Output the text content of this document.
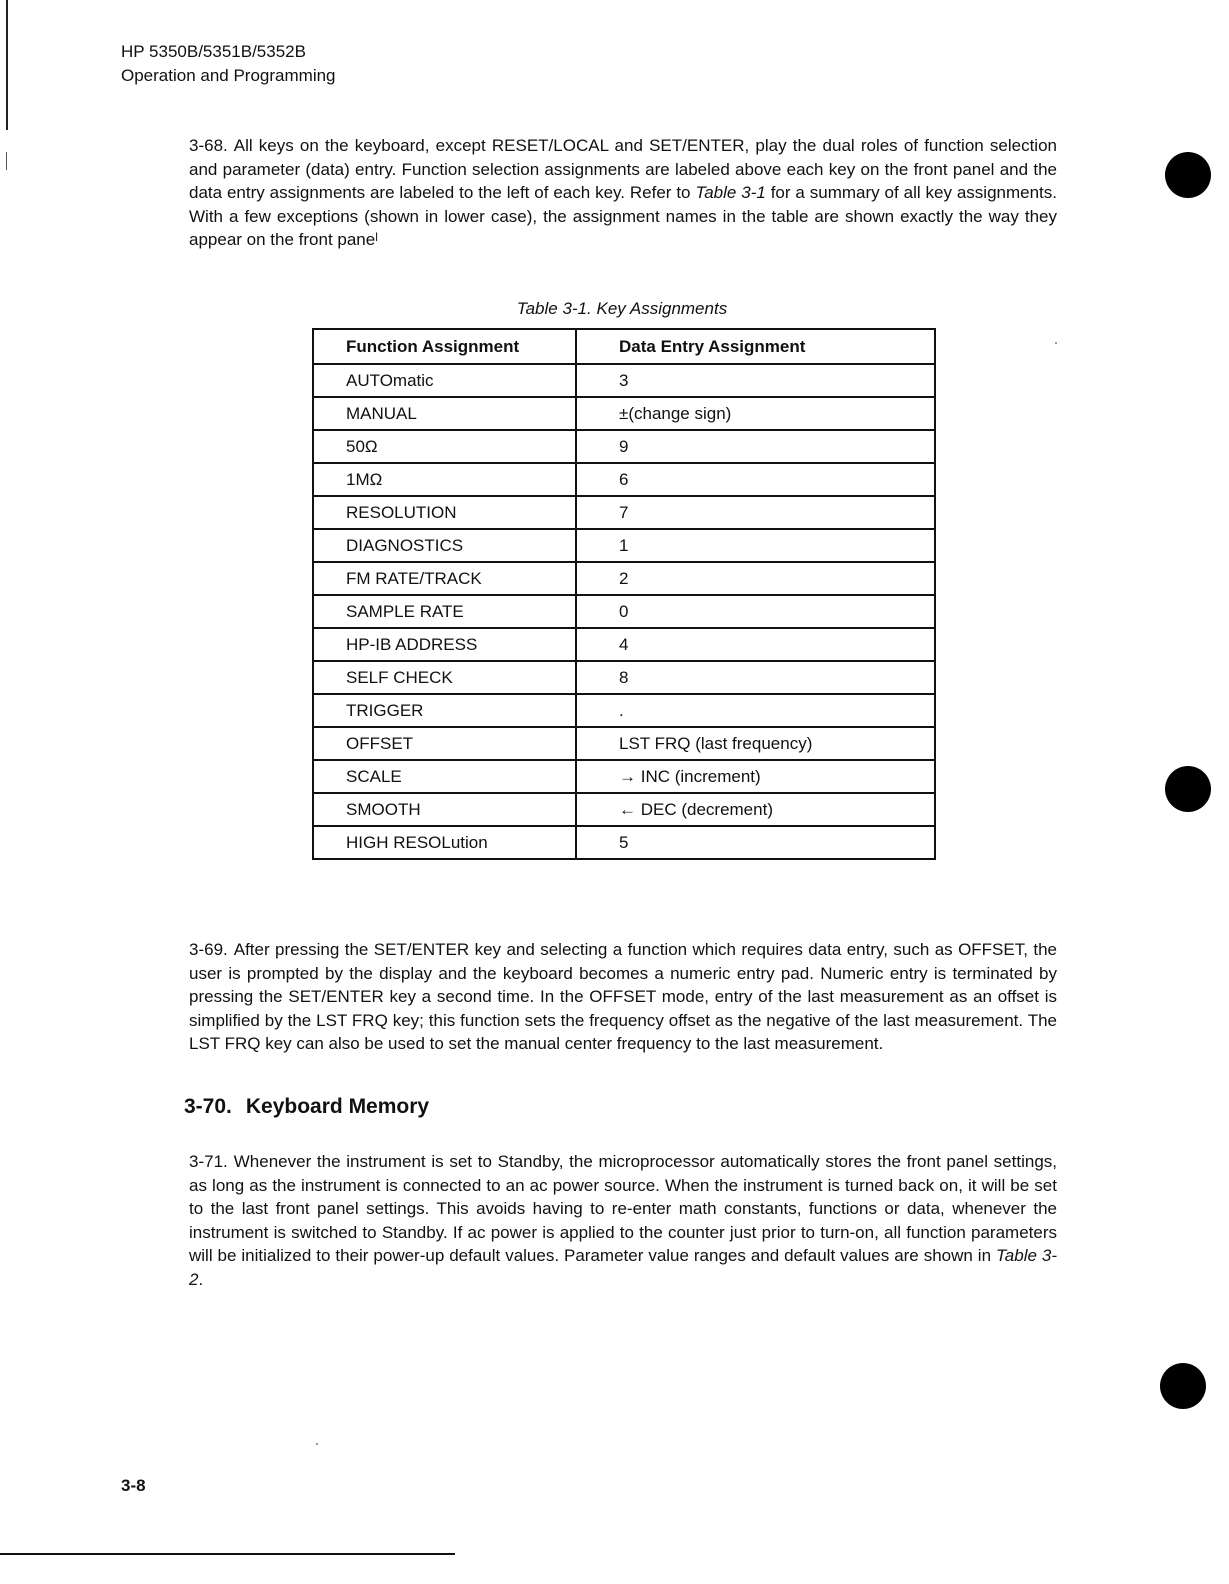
HP 5350B/5351B/5352B
Operation and Programming

3-68. All keys on the keyboard, except RESET/LOCAL and SET/ENTER, play the dual roles of function selection and parameter (data) entry. Function selection assignments are labeled above each key on the front panel and the data entry assignments are labeled to the left of each key. Refer to Table 3-1 for a summary of all key assignments. With a few exceptions (shown in lower case), the assignment names in the table are shown exactly the way they appear on the front paneˡ

Table 3-1. Key Assignments
Function Assignment	Data Entry Assignment
AUTOmatic	3
MANUAL	±(change sign)
50Ω	9
1MΩ	6
RESOLUTION	7
DIAGNOSTICS	1
FM RATE/TRACK	2
SAMPLE RATE	0
HP-IB ADDRESS	4
SELF CHECK	8
TRIGGER	.
OFFSET	LST FRQ (last frequency)
SCALE	→ INC (increment)
SMOOTH	← DEC (decrement)
HIGH RESOLution	5

3-69. After pressing the SET/ENTER key and selecting a function which requires data entry, such as OFFSET, the user is prompted by the display and the keyboard becomes a numeric entry pad. Numeric entry is terminated by pressing the SET/ENTER key a second time. In the OFFSET mode, entry of the last measurement as an offset is simplified by the LST FRQ key; this function sets the frequency offset as the negative of the last measurement. The LST FRQ key can also be used to set the manual center frequency to the last measurement.

3-70. Keyboard Memory

3-71. Whenever the instrument is set to Standby, the microprocessor automatically stores the front panel settings, as long as the instrument is connected to an ac power source. When the instrument is turned back on, it will be set to the last front panel settings. This avoids having to re-enter math constants, functions or data, whenever the instrument is switched to Standby. If ac power is applied to the counter just prior to turn-on, all function parameters will be initialized to their power-up default values. Parameter value ranges and default values are shown in Table 3-2.

3-8
